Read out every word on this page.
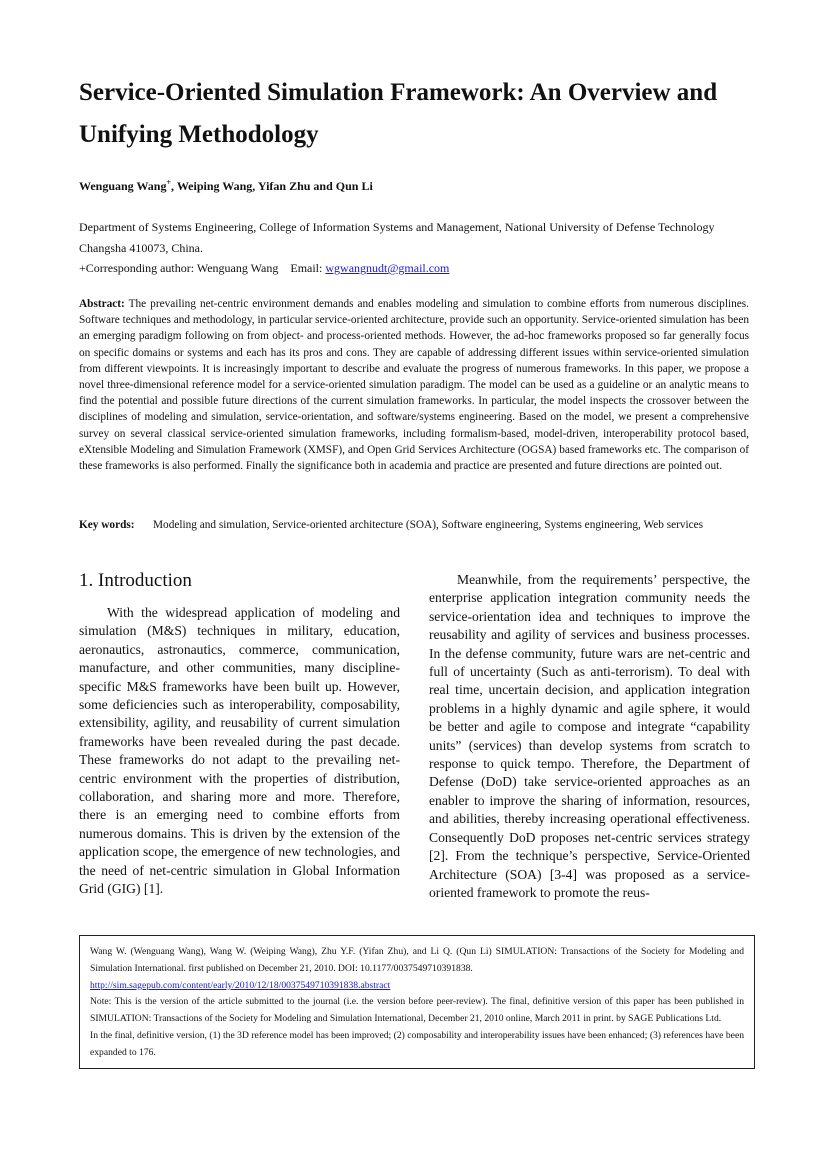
Service-Oriented Simulation Framework: An Overview and Unifying Methodology
Wenguang Wang+, Weiping Wang, Yifan Zhu and Qun Li
Department of Systems Engineering, College of Information Systems and Management, National University of Defense Technology
Changsha 410073, China.
+Corresponding author: Wenguang Wang    Email: wgwangnudt@gmail.com
Abstract: The prevailing net-centric environment demands and enables modeling and simulation to combine efforts from numerous disciplines. Software techniques and methodology, in particular service-oriented architecture, provide such an opportunity. Service-oriented simulation has been an emerging paradigm following on from object- and process-oriented methods. However, the ad-hoc frameworks proposed so far generally focus on specific domains or systems and each has its pros and cons. They are capable of addressing different issues within service-oriented simulation from different viewpoints. It is increasingly important to describe and evaluate the progress of numerous frameworks. In this paper, we propose a novel three-dimensional reference model for a service-oriented simulation paradigm. The model can be used as a guideline or an analytic means to find the potential and possible future directions of the current simulation frameworks. In particular, the model inspects the crossover between the disciplines of modeling and simulation, service-orientation, and software/systems engineering. Based on the model, we present a comprehensive survey on several classical service-oriented simulation frameworks, including formalism-based, model-driven, interoperability protocol based, eXtensible Modeling and Simulation Framework (XMSF), and Open Grid Services Architecture (OGSA) based frameworks etc. The comparison of these frameworks is also performed. Finally the significance both in academia and practice are presented and future directions are pointed out.
Key words:	Modeling and simulation, Service-oriented architecture (SOA), Software engineering, Systems engineering, Web services
1. Introduction

With the widespread application of modeling and simulation (M&S) techniques in military, education, aeronautics, astronautics, commerce, communication, manufacture, and other communities, many discipline-specific M&S frameworks have been built up. However, some deficiencies such as interoperability, composability, extensibility, agility, and reusability of current simulation frameworks have been revealed during the past decade. These frameworks do not adapt to the prevailing net-centric environment with the properties of distribution, collaboration, and sharing more and more. Therefore, there is an emerging need to combine efforts from numerous domains. This is driven by the extension of the application scope, the emergence of new technologies, and the need of net-centric simulation in Global Information Grid (GIG) [1].

Meanwhile, from the requirements’ perspective, the enterprise application integration community needs the service-orientation idea and techniques to improve the reusability and agility of services and business processes. In the defense community, future wars are net-centric and full of uncertainty (Such as anti-terrorism). To deal with real time, uncertain decision, and application integration problems in a highly dynamic and agile sphere, it would be better and agile to compose and integrate “capability units” (services) than develop systems from scratch to response to quick tempo. Therefore, the Department of Defense (DoD) take service-oriented approaches as an enabler to improve the sharing of information, resources, and abilities, thereby increasing operational effectiveness. Consequently DoD proposes net-centric services strategy [2]. From the technique’s perspective, Service-Oriented Architecture (SOA) [3-4] was proposed as a service-oriented framework to promote the reus-

Wang W. (Wenguang Wang), Wang W. (Weiping Wang), Zhu Y.F. (Yifan Zhu), and Li Q. (Qun Li) SIMULATION: Transactions of the Society for Modeling and Simulation International. first published on December 21, 2010. DOI: 10.1177/0037549710391838.

http://sim.sagepub.com/content/early/2010/12/18/0037549710391838.abstract

Note: This is the version of the article submitted to the journal (i.e. the version before peer-review). The final, definitive version of this paper has been published in SIMULATION: Transactions of the Society for Modeling and Simulation International, December 21, 2010 online, March 2011 in print. by SAGE Publications Ltd.

In the final, definitive version, (1) the 3D reference model has been improved; (2) composability and interoperability issues have been enhanced; (3) references have been expanded to 176.
